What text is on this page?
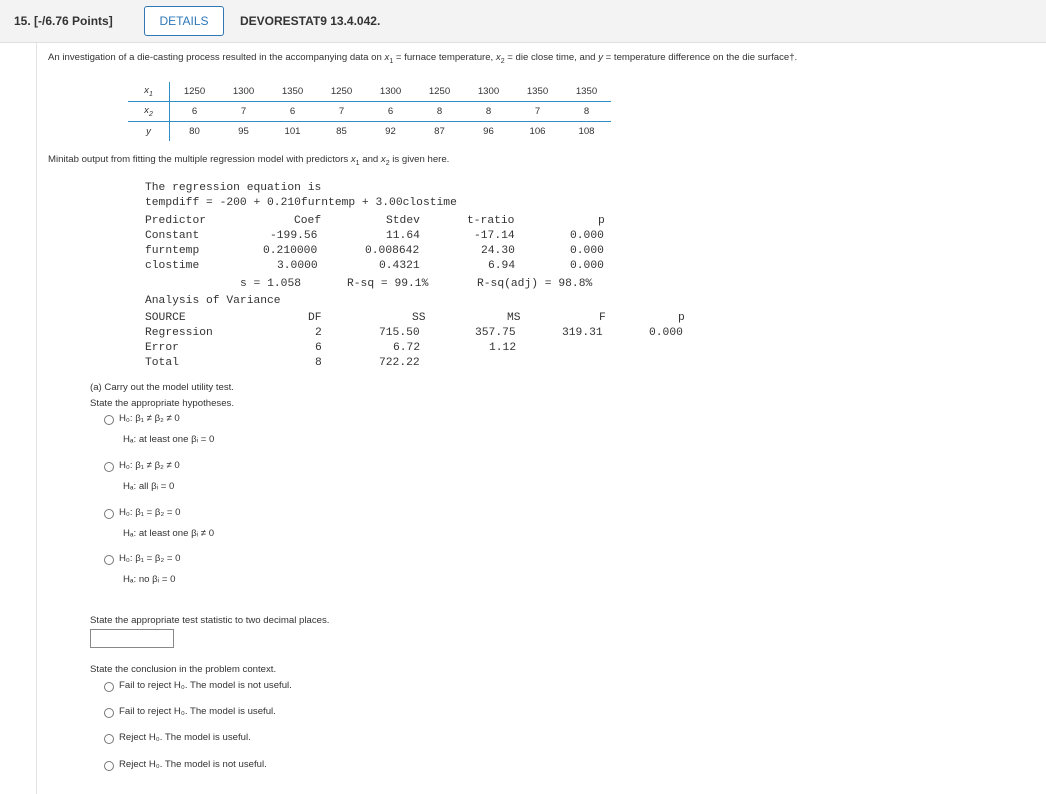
15. [-/6.76 Points]	DETAILS	DEVORESTAT9 13.4.042.
An investigation of a die-casting process resulted in the accompanying data on $x_1$ = furnace temperature, $x_2$ = die close time, and y = temperature difference on the die surface†.
$x_1$	1250	1300	1350	1250	1300	1250	1300	1350	1350
$x_2$	6	7	6	7	6	8	8	7	8
y	80	95	101	85	92	87	96	106	108
Minitab output from fitting the multiple regression model with predictors $x_1$ and $x_2$ is given here.
The regression equation is
tempdiff = -200 + 0.210furntemp + 3.00clostime
Predictor	Coef	Stdev	t-ratio	p
Constant	-199.56	11.64	-17.14	0.000
furntemp	0.210000	0.008642	24.30	0.000
clostime	3.0000	0.4321	6.94	0.000
s = 1.058	R-sq = 99.1%	R-sq(adj) = 98.8%
Analysis of Variance
SOURCE	DF	SS	MS	F	p
Regression	2	715.50	357.75	319.31	0.000
Error	6	6.72	1.12
Total	8	722.22
(a) Carry out the model utility test.
State the appropriate hypotheses.
H₀: β₁ ≠ β₂ ≠ 0
Hₐ: at least one βᵢ = 0
H₀: β₁ ≠ β₂ ≠ 0
Hₐ: all βᵢ = 0
H₀: β₁ = β₂ = 0
Hₐ: at least one βᵢ ≠ 0
H₀: β₁ = β₂ = 0
Hₐ: no βᵢ = 0
State the appropriate test statistic to two decimal places.
State the conclusion in the problem context.
Fail to reject H₀. The model is not useful.
Fail to reject H₀. The model is useful.
Reject H₀. The model is useful.
Reject H₀. The model is not useful.
